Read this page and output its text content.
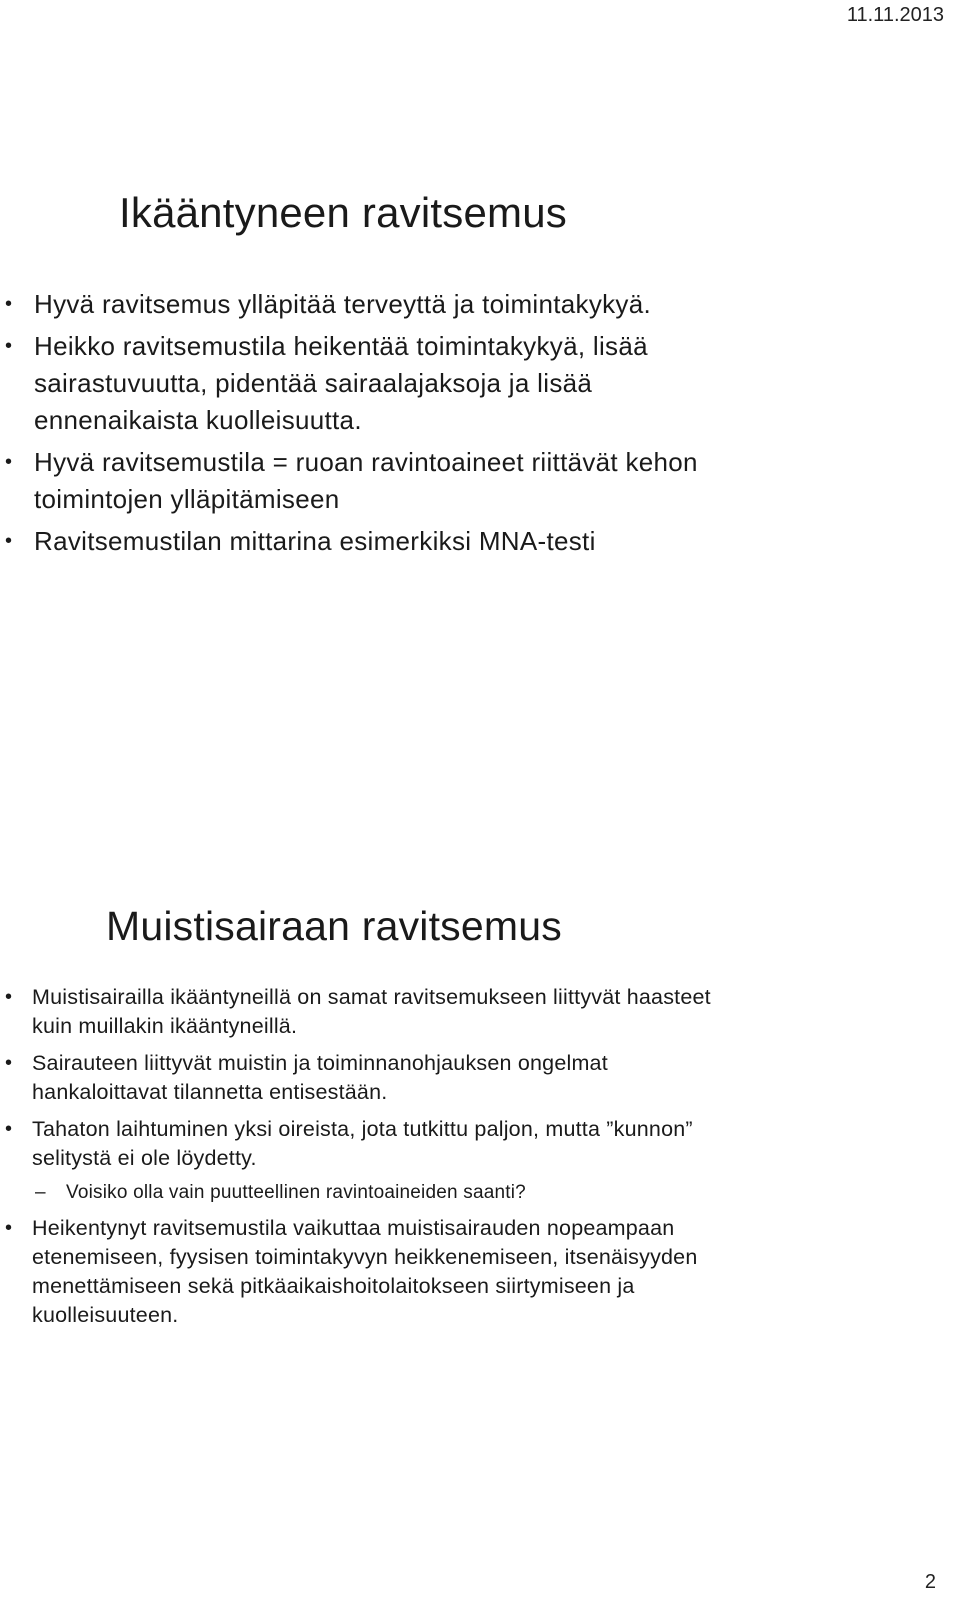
11.11.2013
Ikääntyneen ravitsemus
• Hyvä ravitsemus ylläpitää terveyttä ja toimintakykyä.
• Heikko ravitsemustila heikentää toimintakykyä, lisää sairastuvuutta, pidentää sairaalajaksoja ja lisää ennenaikaista kuolleisuutta.
• Hyvä ravitsemustila = ruoan ravintoaineet riittävät kehon toimintojen ylläpitämiseen
• Ravitsemustilan mittarina esimerkiksi MNA-testi
Muistisairaan ravitsemus
• Muistisairailla ikääntyneillä on samat ravitsemukseen liittyvät haasteet kuin muillakin ikääntyneillä.
• Sairauteen liittyvät muistin ja toiminnanohjauksen ongelmat hankaloittavat tilannetta entisestään.
• Tahaton laihtuminen yksi oireista, jota tutkittu paljon, mutta ”kunnon” selitystä ei ole löydetty.
– Voisiko olla vain puutteellinen ravintoaineiden saanti?
• Heikentynyt ravitsemustila vaikuttaa muistisairauden nopeampaan etenemiseen, fyysisen toimintakyvyn heikkenemiseen, itsenäisyyden menettämiseen sekä pitkäaikaishoitolaitokseen siirtymiseen ja kuolleisuuteen.
2
